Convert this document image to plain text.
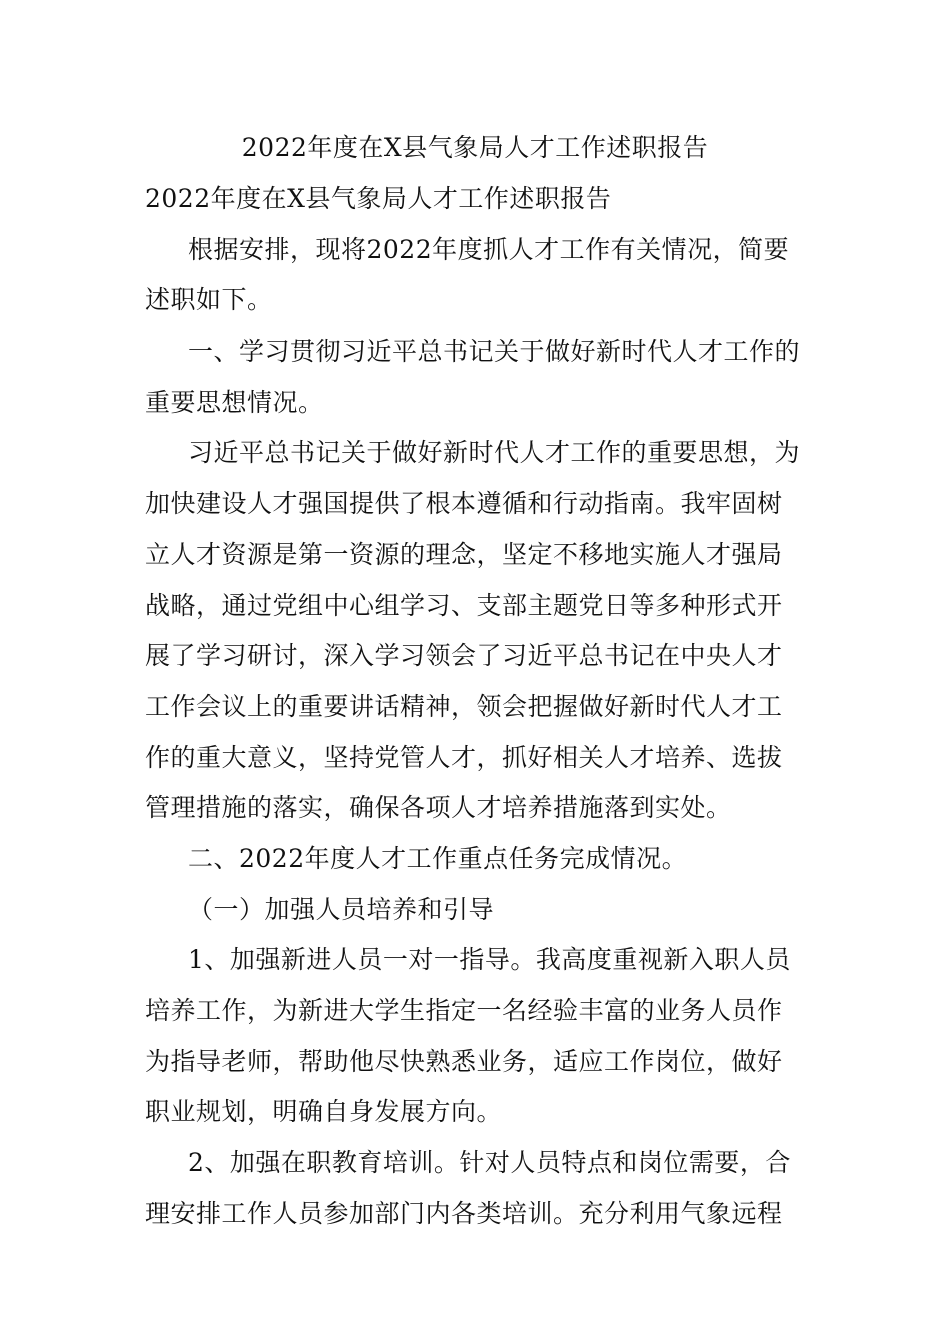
2022年度在X县气象局人才工作述职报告
2022年度在X县气象局人才工作述职报告
根据安排，现将2022年度抓人才工作有关情况，简要
述职如下。
一、学习贯彻习近平总书记关于做好新时代人才工作的
重要思想情况。
习近平总书记关于做好新时代人才工作的重要思想，为
加快建设人才强国提供了根本遵循和行动指南。我牢固树
立人才资源是第一资源的理念，坚定不移地实施人才强局
战略，通过党组中心组学习、支部主题党日等多种形式开
展了学习研讨，深入学习领会了习近平总书记在中央人才
工作会议上的重要讲话精神，领会把握做好新时代人才工
作的重大意义，坚持党管人才，抓好相关人才培养、选拔
管理措施的落实，确保各项人才培养措施落到实处。
二、2022年度人才工作重点任务完成情况。
（一）加强人员培养和引导
1、加强新进人员一对一指导。我高度重视新入职人员
培养工作，为新进大学生指定一名经验丰富的业务人员作
为指导老师，帮助他尽快熟悉业务，适应工作岗位，做好
职业规划，明确自身发展方向。
2、加强在职教育培训。针对人员特点和岗位需要，合
理安排工作人员参加部门内各类培训。充分利用气象远程
